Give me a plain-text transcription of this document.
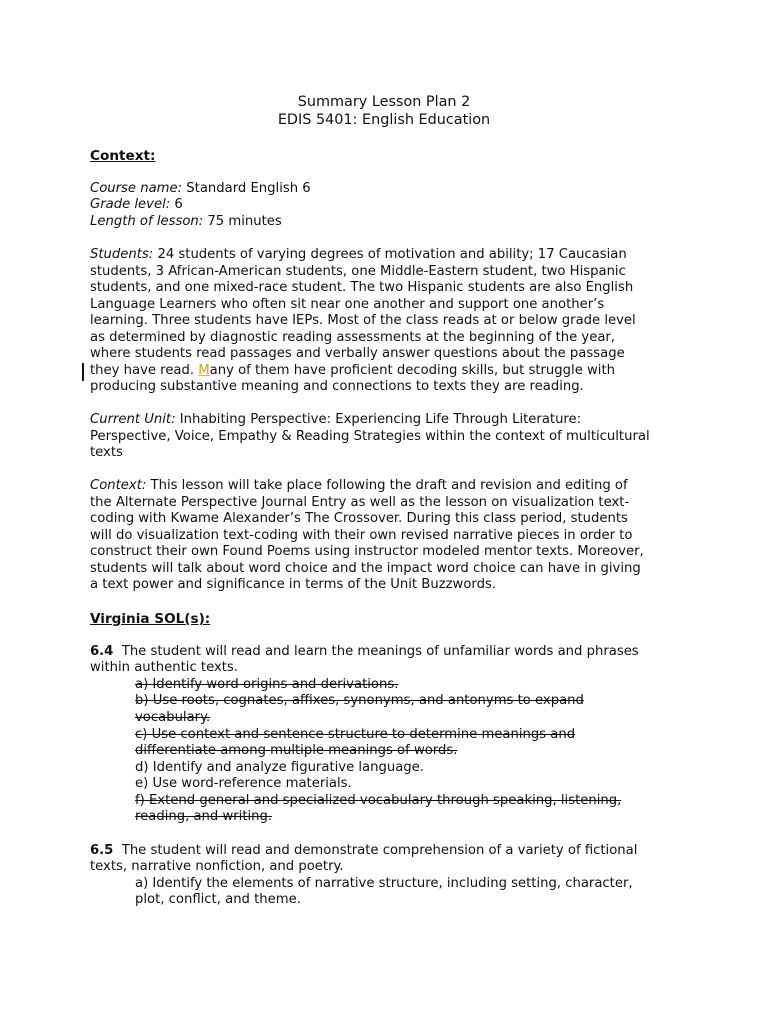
Summary Lesson Plan 2
EDIS 5401: English Education
Context:
Course name: Standard English 6
Grade level: 6
Length of lesson: 75 minutes
Students: 24 students of varying degrees of motivation and ability; 17 Caucasian
students, 3 African-American students, one Middle-Eastern student, two Hispanic
students, and one mixed-race student. The two Hispanic students are also English
Language Learners who often sit near one another and support one another’s
learning. Three students have IEPs. Most of the class reads at or below grade level
as determined by diagnostic reading assessments at the beginning of the year,
where students read passages and verbally answer questions about the passage
they have read. Many of them have proficient decoding skills, but struggle with
producing substantive meaning and connections to texts they are reading.
Current Unit: Inhabiting Perspective: Experiencing Life Through Literature:
Perspective, Voice, Empathy & Reading Strategies within the context of multicultural
texts
Context: This lesson will take place following the draft and revision and editing of
the Alternate Perspective Journal Entry as well as the lesson on visualization text-
coding with Kwame Alexander’s The Crossover. During this class period, students
will do visualization text-coding with their own revised narrative pieces in order to
construct their own Found Poems using instructor modeled mentor texts. Moreover,
students will talk about word choice and the impact word choice can have in giving
a text power and significance in terms of the Unit Buzzwords.
Virginia SOL(s):
6.4 The student will read and learn the meanings of unfamiliar words and phrases
within authentic texts.
a) Identify word origins and derivations.
b) Use roots, cognates, affixes, synonyms, and antonyms to expand
vocabulary.
c) Use context and sentence structure to determine meanings and
differentiate among multiple meanings of words.
d) Identify and analyze figurative language.
e) Use word-reference materials.
f) Extend general and specialized vocabulary through speaking, listening,
reading, and writing.
6.5 The student will read and demonstrate comprehension of a variety of fictional
texts, narrative nonfiction, and poetry.
a) Identify the elements of narrative structure, including setting, character,
plot, conflict, and theme.
